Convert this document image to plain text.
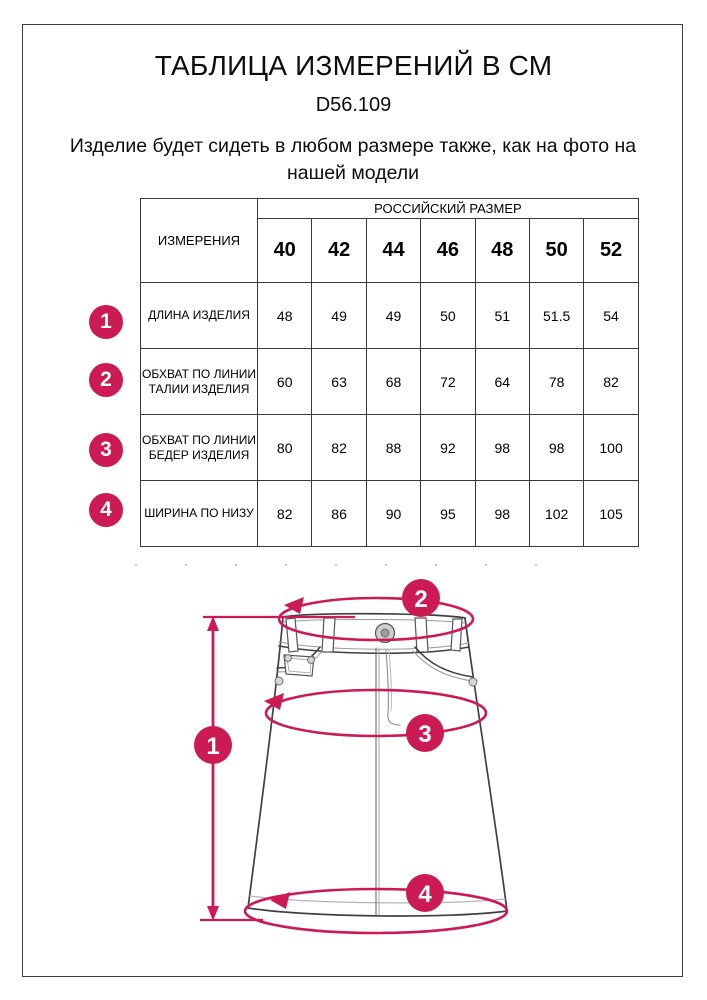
ТАБЛИЦА ИЗМЕРЕНИЙ В СМ
D56.109
Изделие будет сидеть в любом размере также, как на фото на нашей модели
ИЗМЕРЕНИЯ	РОССИЙСКИЙ РАЗМЕР						
	40	42	44	46	48	50	52
ДЛИНА ИЗДЕЛИЯ	48	49	49	50	51	51.5	54
ОБХВАТ ПО ЛИНИИ ТАЛИИ ИЗДЕЛИЯ	60	63	68	72	64	78	82
ОБХВАТ ПО ЛИНИИ БЕДЕР ИЗДЕЛИЯ	80	82	88	92	98	98	100
ШИРИНА ПО НИЗУ	82	86	90	95	98	102	105
1
2
3
4
1
2
3
4
